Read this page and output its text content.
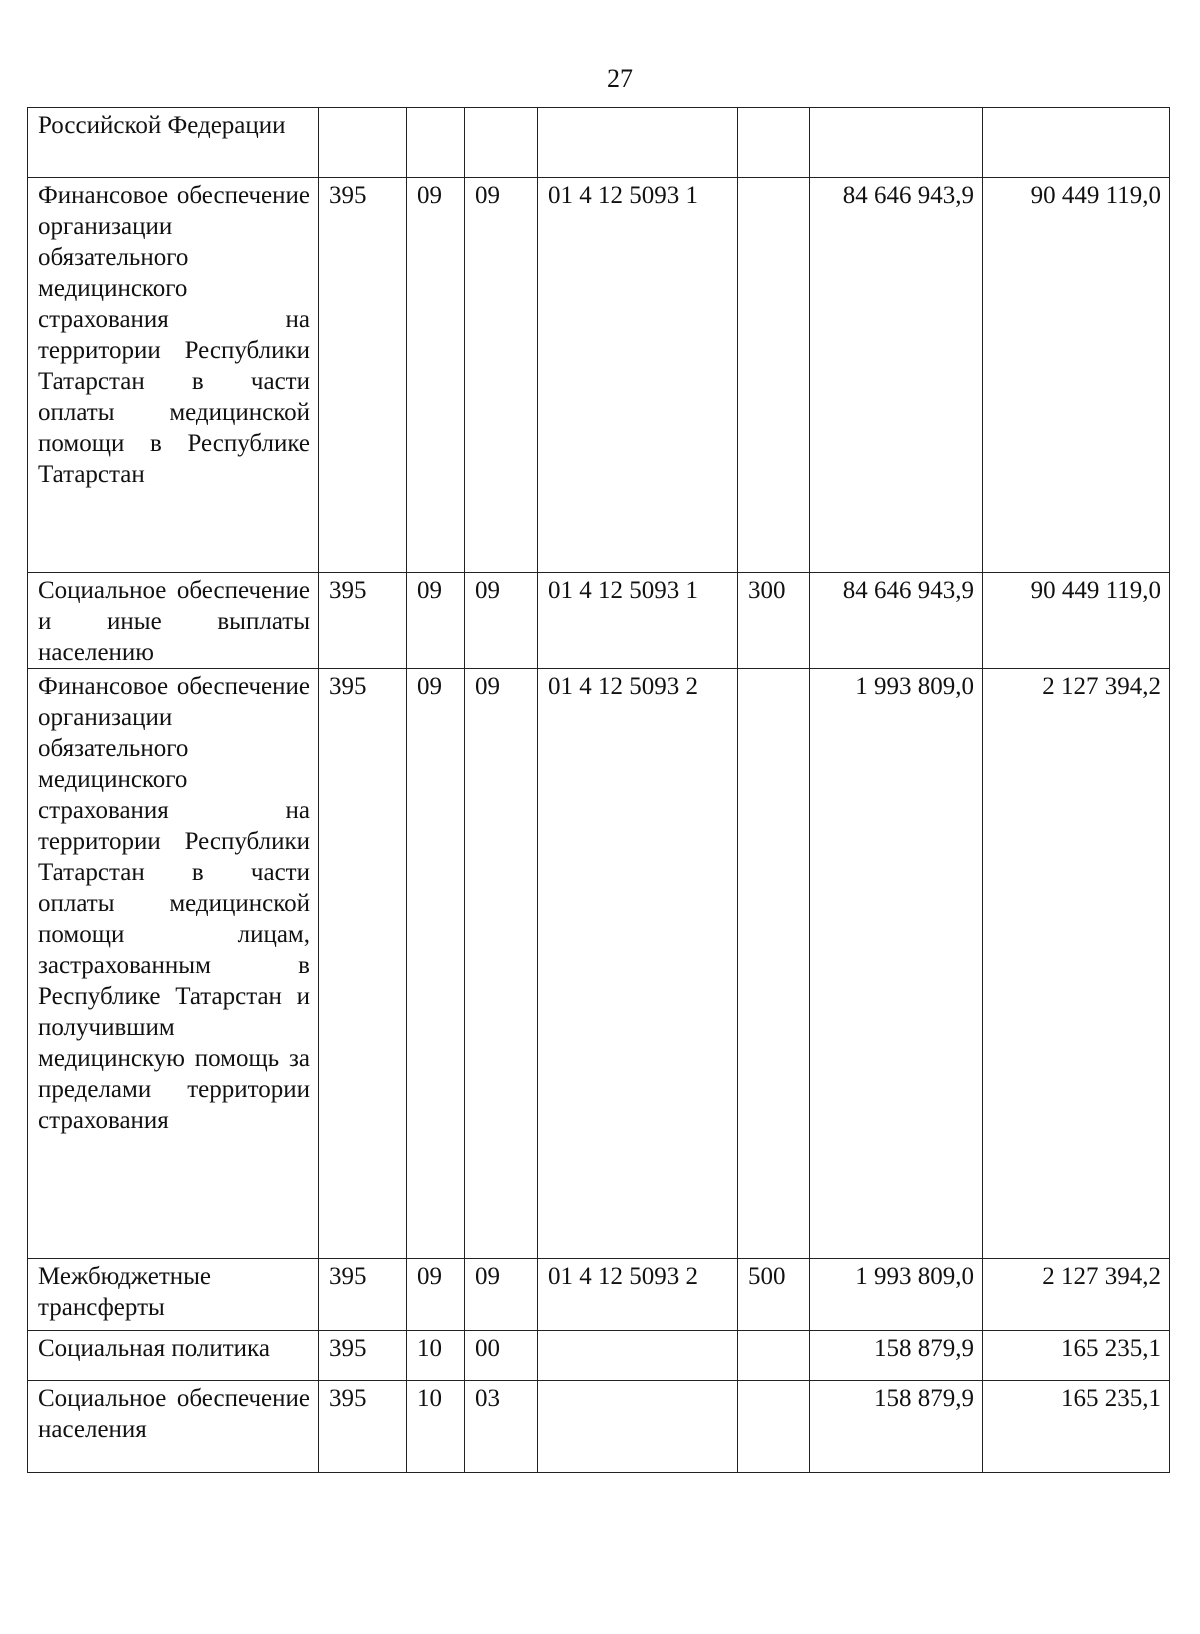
27
Российской Федерации							
Финансовое обеспечение организации обязательного медицинского страхования на территории Республики Татарстан в части оплаты медицинской помощи в Республике Татарстан	395	09	09	01 4 12 5093 1		84 646 943,9	90 449 119,0
Социальное обеспечение и иные выплаты населению	395	09	09	01 4 12 5093 1	300	84 646 943,9	90 449 119,0
Финансовое обеспечение организации обязательного медицинского страхования на территории Республики Татарстан в части оплаты медицинской помощи лицам, застрахованным в Республике Татарстан и получившим медицинскую помощь за пределами территории страхования	395	09	09	01 4 12 5093 2		1 993 809,0	2 127 394,2
Межбюджетные трансферты	395	09	09	01 4 12 5093 2	500	1 993 809,0	2 127 394,2
Социальная политика	395	10	00			158 879,9	165 235,1
Социальное обеспечение населения	395	10	03			158 879,9	165 235,1
